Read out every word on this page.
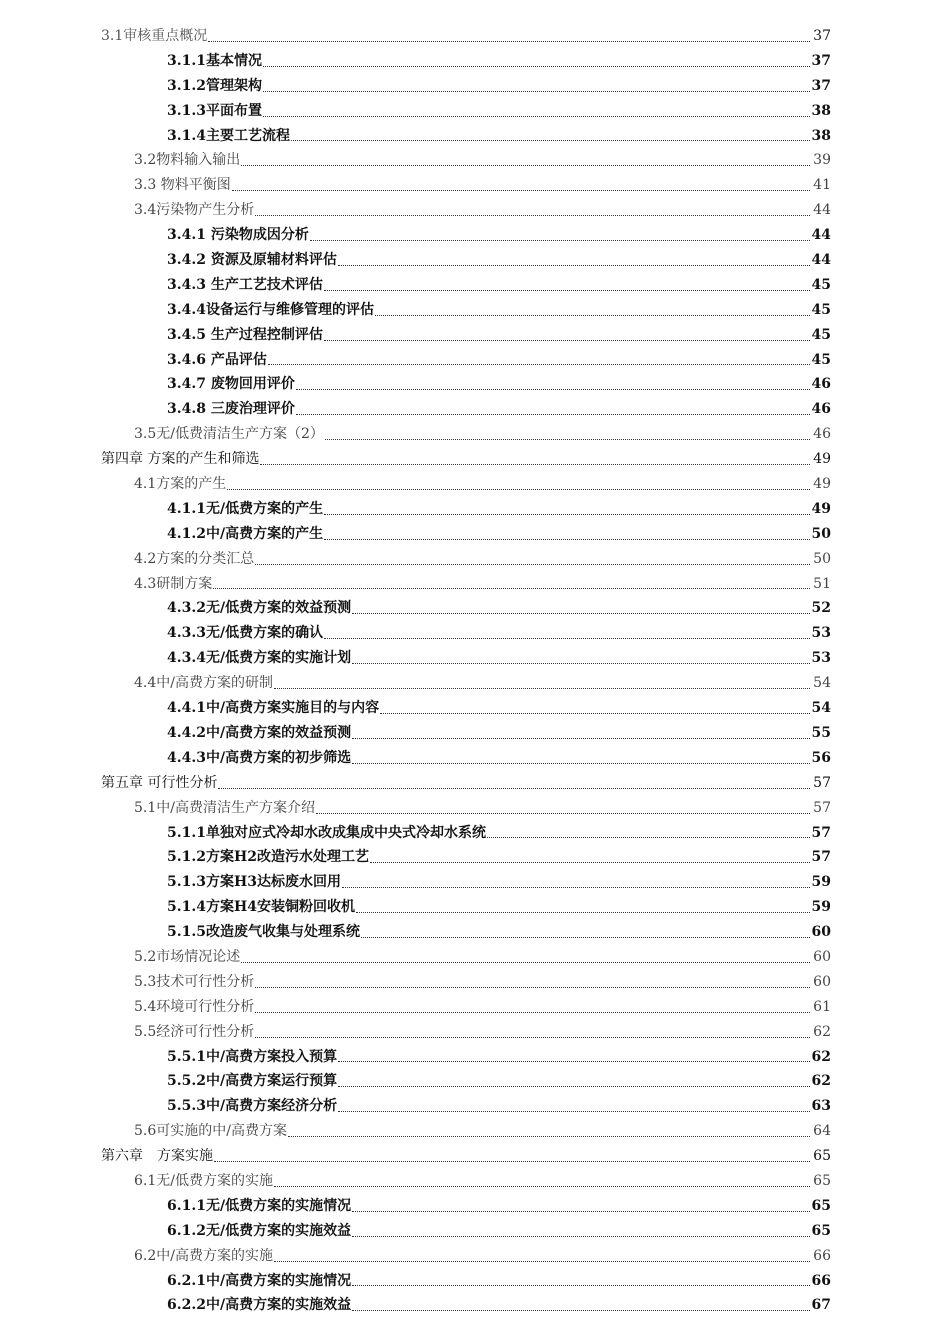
3.1审核重点概况	37
3.1.1基本情况	37
3.1.2管理架构	37
3.1.3平面布置	38
3.1.4主要工艺流程	38
3.2物料输入输出	39
3.3 物料平衡图	41
3.4污染物产生分析	44
3.4.1 污染物成因分析	44
3.4.2 资源及原辅材料评估	44
3.4.3 生产工艺技术评估	45
3.4.4设备运行与维修管理的评估	45
3.4.5 生产过程控制评估	45
3.4.6 产品评估	45
3.4.7 废物回用评价	46
3.4.8 三废治理评价	46
3.5无/低费清洁生产方案（2）	46
第四章 方案的产生和筛选	49
4.1方案的产生	49
4.1.1无/低费方案的产生	49
4.1.2中/高费方案的产生	50
4.2方案的分类汇总	50
4.3研制方案	51
4.3.2无/低费方案的效益预测	52
4.3.3无/低费方案的确认	53
4.3.4无/低费方案的实施计划	53
4.4中/高费方案的研制	54
4.4.1中/高费方案实施目的与内容	54
4.4.2中/高费方案的效益预测	55
4.4.3中/高费方案的初步筛选	56
第五章 可行性分析	57
5.1中/高费清洁生产方案介绍	57
5.1.1单独对应式冷却水改成集成中央式冷却水系统	57
5.1.2方案H2改造污水处理工艺	57
5.1.3方案H3达标废水回用	59
5.1.4方案H4安装铜粉回收机	59
5.1.5改造废气收集与处理系统	60
5.2市场情况论述	60
5.3技术可行性分析	60
5.4环境可行性分析	61
5.5经济可行性分析	62
5.5.1中/高费方案投入预算	62
5.5.2中/高费方案运行预算	62
5.5.3中/高费方案经济分析	63
5.6可实施的中/高费方案	64
第六章　方案实施	65
6.1无/低费方案的实施	65
6.1.1无/低费方案的实施情况	65
6.1.2无/低费方案的实施效益	65
6.2中/高费方案的实施	66
6.2.1中/高费方案的实施情况	66
6.2.2中/高费方案的实施效益	67
